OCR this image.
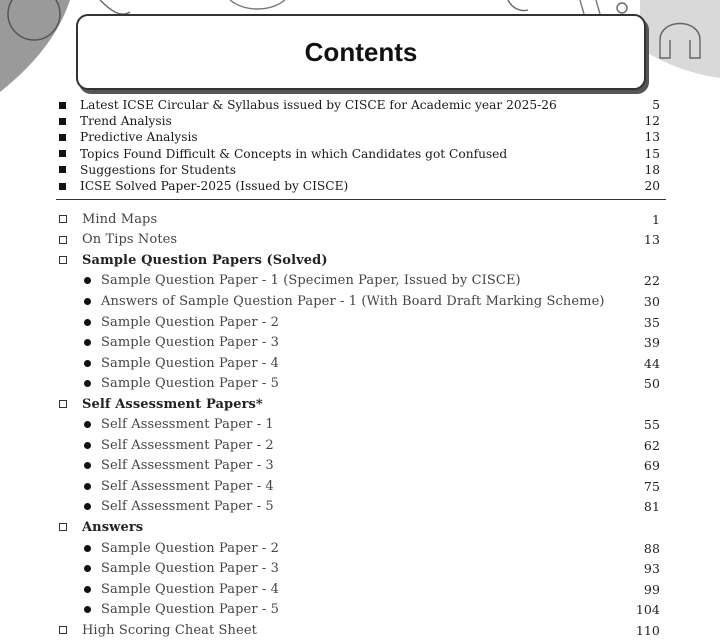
Contents
Latest ICSE Circular & Syllabus issued by CISCE for Academic year 2025-26	5
Trend Analysis	12
Predictive Analysis	13
Topics Found Difficult & Concepts in which Candidates got Confused	15
Suggestions for Students	18
ICSE Solved Paper-2025 (Issued by CISCE)	20
Mind Maps	1
On Tips Notes	13
Sample Question Papers (Solved)
Sample Question Paper - 1 (Specimen Paper, Issued by CISCE)	22
Answers of Sample Question Paper - 1 (With Board Draft Marking Scheme)	30
Sample Question Paper - 2	35
Sample Question Paper - 3	39
Sample Question Paper - 4	44
Sample Question Paper - 5	50
Self Assessment Papers*
Self Assessment Paper - 1	55
Self Assessment Paper - 2	62
Self Assessment Paper - 3	69
Self Assessment Paper - 4	75
Self Assessment Paper - 5	81
Answers
Sample Question Paper - 2	88
Sample Question Paper - 3	93
Sample Question Paper - 4	99
Sample Question Paper - 5	104
High Scoring Cheat Sheet	110
